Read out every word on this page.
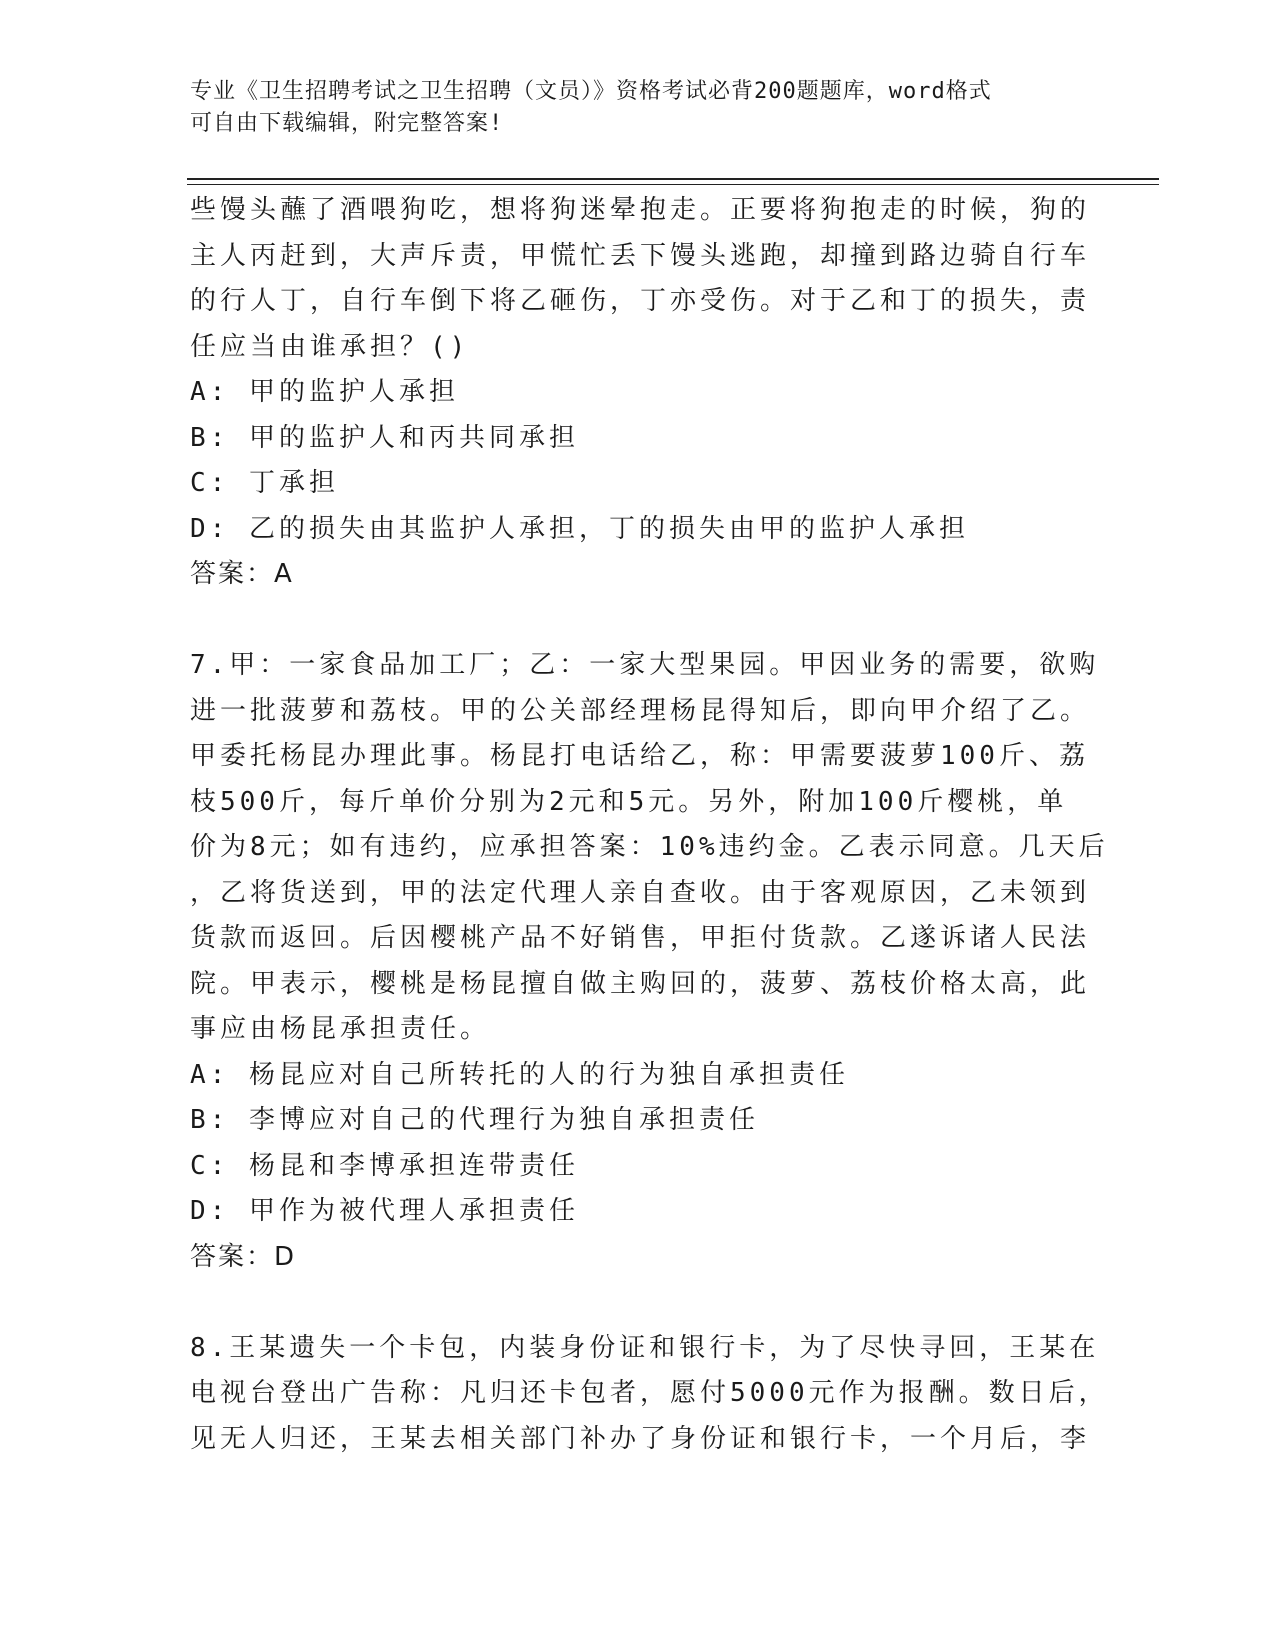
专业《卫生招聘考试之卫生招聘（文员）》资格考试必背200题题库，word格式
可自由下载编辑，附完整答案!
些馒头蘸了酒喂狗吃，想将狗迷晕抱走。正要将狗抱走的时候，狗的
主人丙赶到，大声斥责，甲慌忙丢下馒头逃跑，却撞到路边骑自行车
的行人丁，自行车倒下将乙砸伤，丁亦受伤。对于乙和丁的损失，责
任应当由谁承担？()
A: 甲的监护人承担
B: 甲的监护人和丙共同承担
C: 丁承担
D: 乙的损失由其监护人承担，丁的损失由甲的监护人承担
答案：A
7.甲：一家食品加工厂；乙：一家大型果园。甲因业务的需要，欲购
进一批菠萝和荔枝。甲的公关部经理杨昆得知后，即向甲介绍了乙。
甲委托杨昆办理此事。杨昆打电话给乙，称：甲需要菠萝100斤、荔
枝500斤，每斤单价分别为2元和5元。另外，附加100斤樱桃，单
价为8元；如有违约，应承担答案：10%违约金。乙表示同意。几天后
，乙将货送到，甲的法定代理人亲自查收。由于客观原因，乙未领到
货款而返回。后因樱桃产品不好销售，甲拒付货款。乙遂诉诸人民法
院。甲表示，樱桃是杨昆擅自做主购回的，菠萝、荔枝价格太高，此
事应由杨昆承担责任。
A: 杨昆应对自己所转托的人的行为独自承担责任
B: 李博应对自己的代理行为独自承担责任
C: 杨昆和李博承担连带责任
D: 甲作为被代理人承担责任
答案：D
8.王某遗失一个卡包，内装身份证和银行卡，为了尽快寻回，王某在
电视台登出广告称：凡归还卡包者，愿付5000元作为报酬。数日后，
见无人归还，王某去相关部门补办了身份证和银行卡，一个月后，李
